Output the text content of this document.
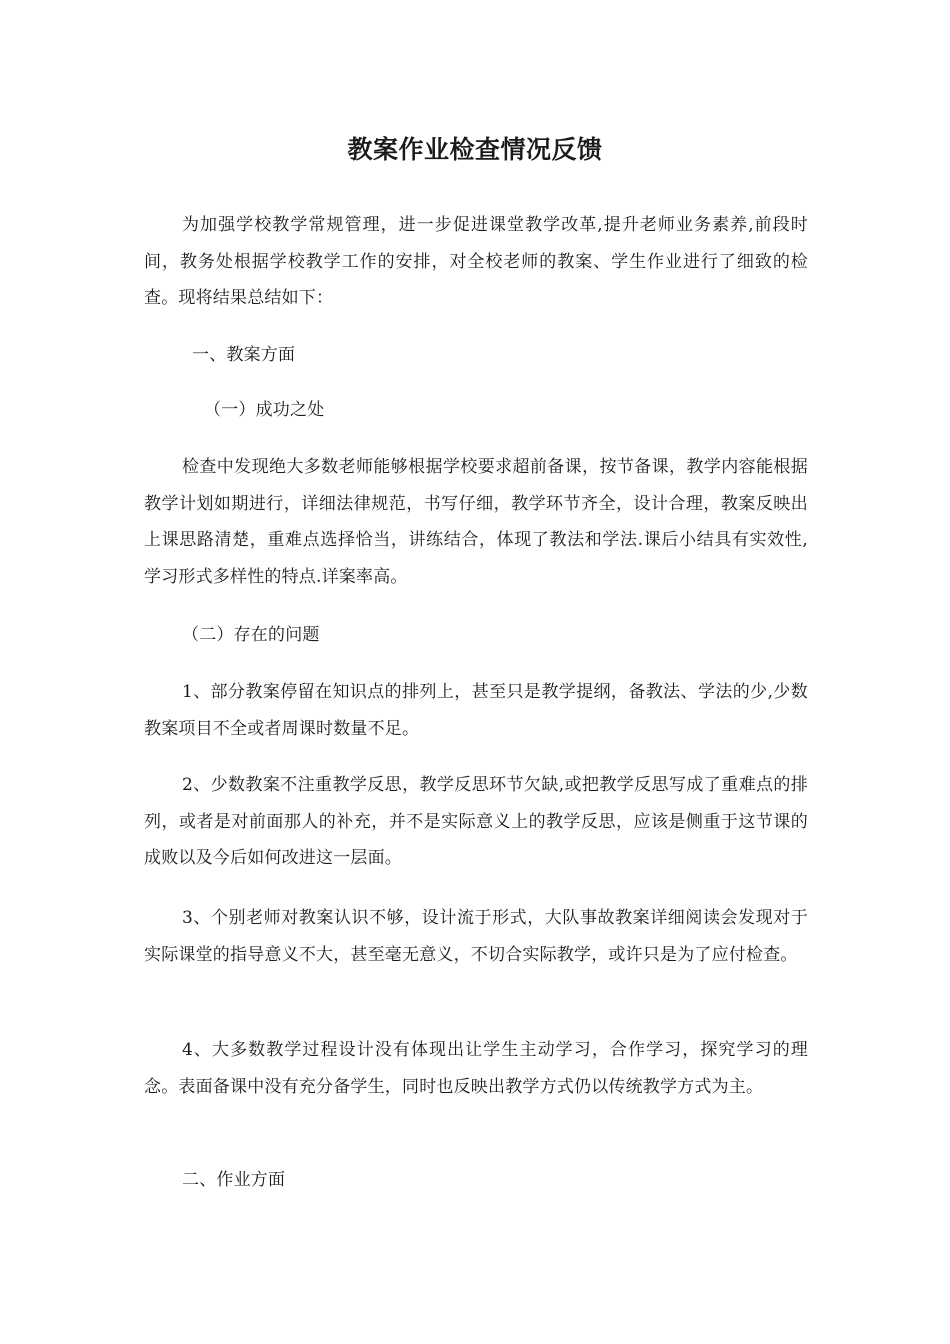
教案作业检查情况反馈
为加强学校教学常规管理，进一步促进课堂教学改革,提升老师业务素养,前段时间，教务处根据学校教学工作的安排，对全校老师的教案、学生作业进行了细致的检查。现将结果总结如下：
一、教案方面
（一）成功之处
检查中发现绝大多数老师能够根据学校要求超前备课，按节备课，教学内容能根据教学计划如期进行，详细法律规范，书写仔细，教学环节齐全，设计合理，教案反映出上课思路清楚，重难点选择恰当，讲练结合，体现了教法和学法.课后小结具有实效性,学习形式多样性的特点.详案率高。
（二）存在的问题
1、部分教案停留在知识点的排列上，甚至只是教学提纲，备教法、学法的少,少数教案项目不全或者周课时数量不足。
2、少数教案不注重教学反思，教学反思环节欠缺,或把教学反思写成了重难点的排列，或者是对前面那人的补充，并不是实际意义上的教学反思，应该是侧重于这节课的成败以及今后如何改进这一层面。
3、个别老师对教案认识不够，设计流于形式，大队事故教案详细阅读会发现对于实际课堂的指导意义不大，甚至毫无意义，不切合实际教学，或许只是为了应付检查。
4、大多数教学过程设计没有体现出让学生主动学习，合作学习，探究学习的理念。表面备课中没有充分备学生，同时也反映出教学方式仍以传统教学方式为主。
二、作业方面
